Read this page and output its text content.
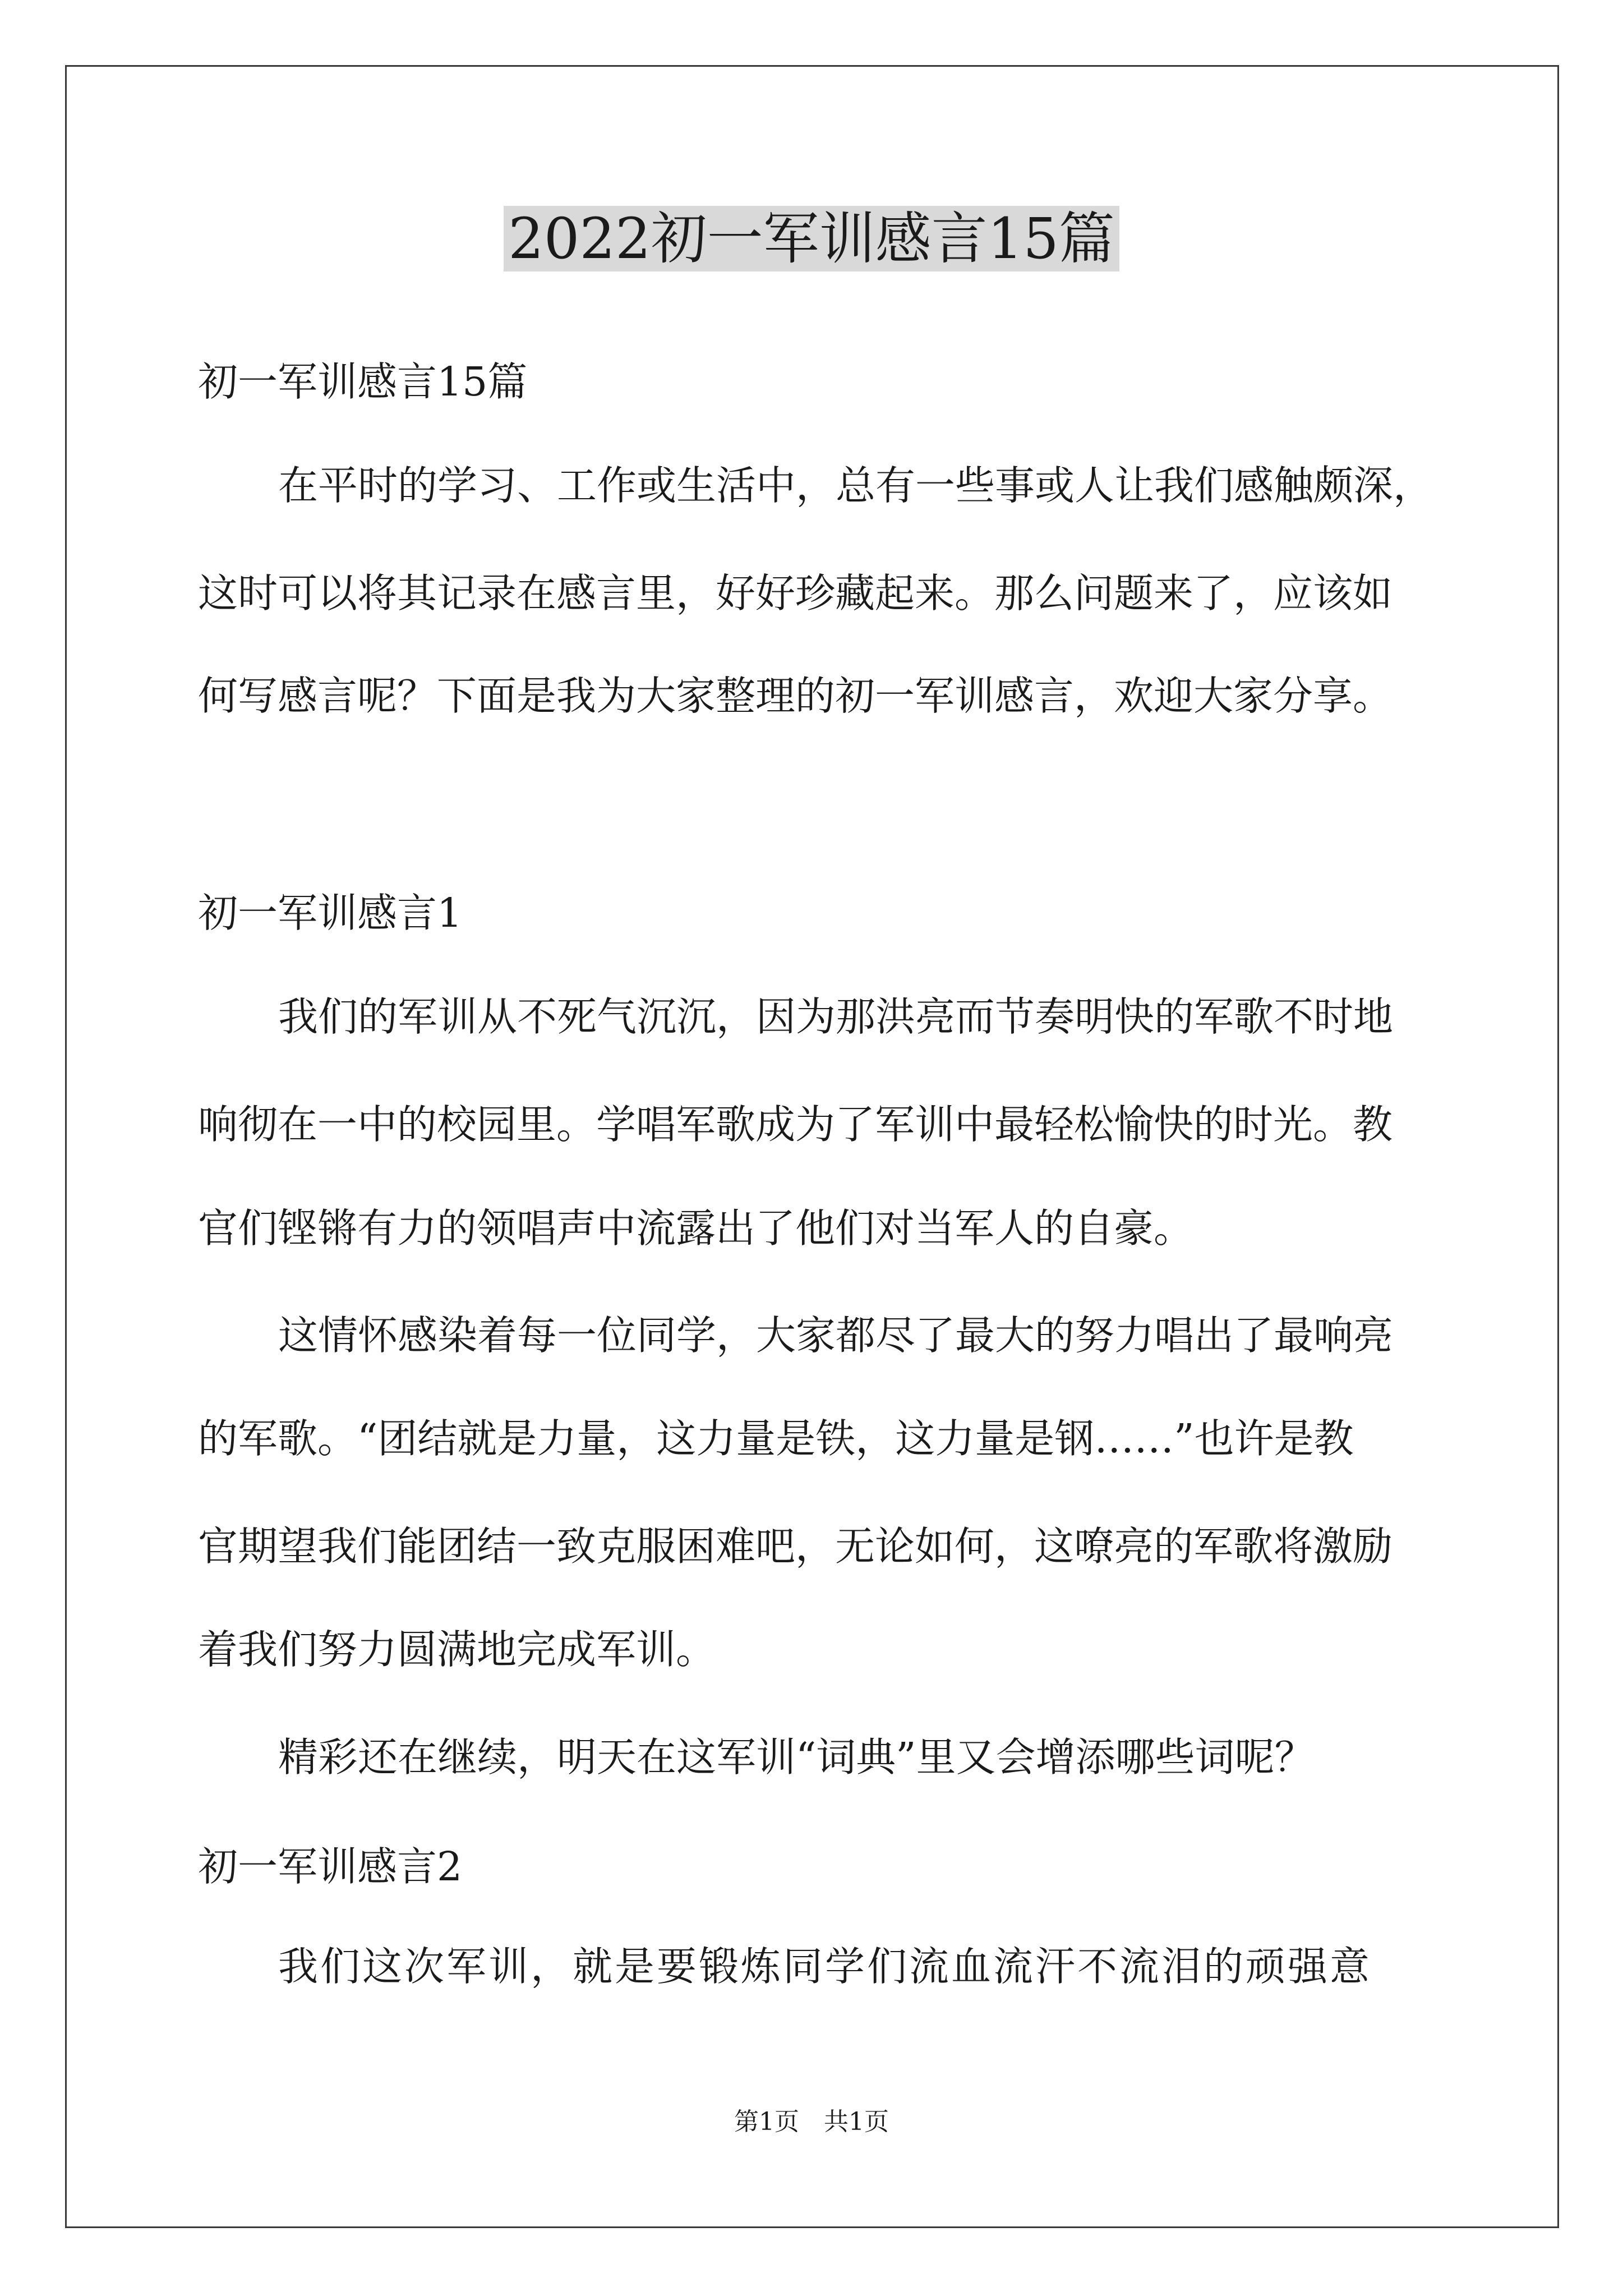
2022初一军训感言15篇
初一军训感言15篇
在平时的学习、工作或生活中，总有一些事或人让我们感触颇深，
这时可以将其记录在感言里，好好珍藏起来。那么问题来了，应该如
何写感言呢？下面是我为大家整理的初一军训感言，欢迎大家分享。
初一军训感言1
我们的军训从不死气沉沉，因为那洪亮而节奏明快的军歌不时地
响彻在一中的校园里。学唱军歌成为了军训中最轻松愉快的时光。教
官们铿锵有力的领唱声中流露出了他们对当军人的自豪。
这情怀感染着每一位同学，大家都尽了最大的努力唱出了最响亮
的军歌。“团结就是力量，这力量是铁，这力量是钢……”也许是教
官期望我们能团结一致克服困难吧，无论如何，这嘹亮的军歌将激励
着我们努力圆满地完成军训。
精彩还在继续，明天在这军训“词典”里又会增添哪些词呢？
初一军训感言2
我们这次军训，就是要锻炼同学们流血流汗不流泪的顽强意
第1页　共1页
